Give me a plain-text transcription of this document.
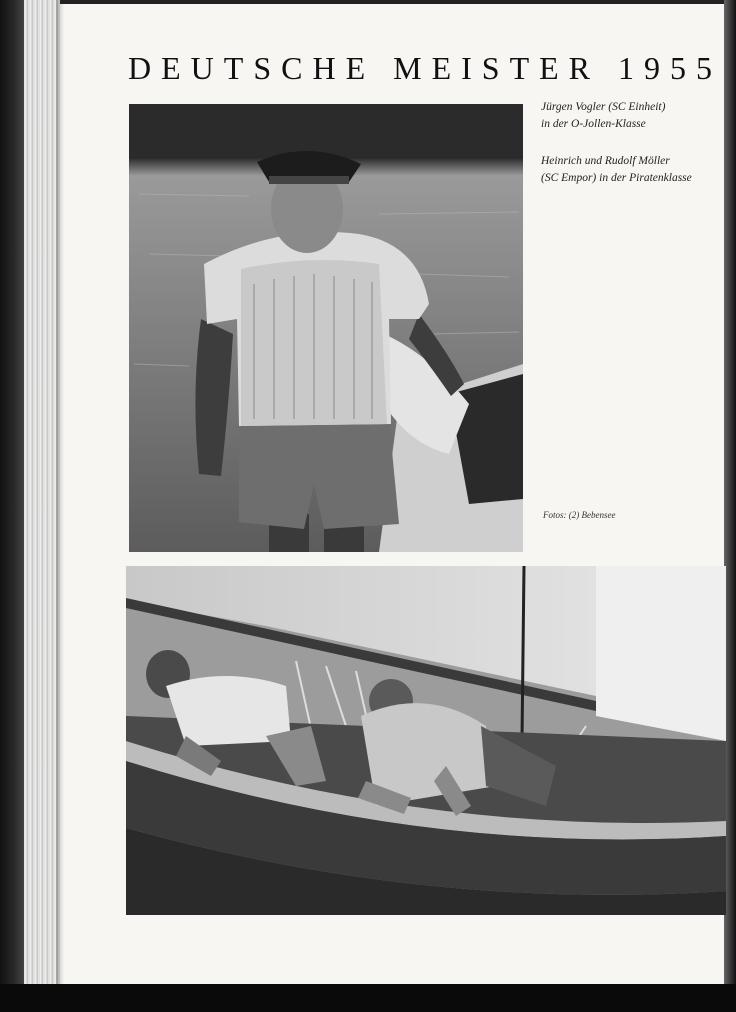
DEUTSCHE MEISTER 1955
Jürgen Vogler (SC Einheit)
in der O-Jollen-Klasse
Heinrich und Rudolf Möller
(SC Empor) in der Piratenklasse
Fotos: (2) Bebensee
